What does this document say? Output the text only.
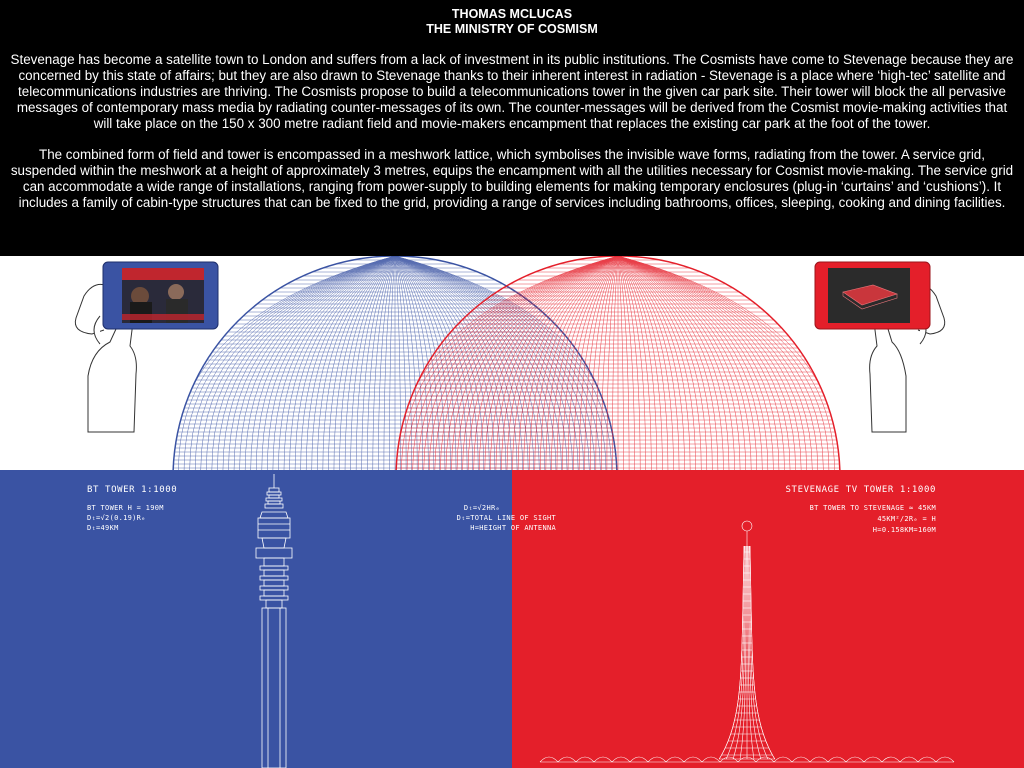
THOMAS MCLUCAS
THE MINISTRY OF COSMISM

Stevenage has become a satellite town to London and suffers from a lack of investment in its public institutions. The Cosmists have come to Stevenage because they are concerned by this state of affairs; but they are also drawn to Stevenage thanks to their inherent interest in radiation - Stevenage is a place where ‘high-tec’ satellite and telecommunications industries are thriving. The Cosmists propose to build a telecommunications tower in the given car park site. Their tower will block the all pervasive messages of contemporary mass media by radiating counter-messages of its own. The counter-messages will be derived from the Cosmist movie-making activities that will take place on the 150 x 300 metre radiant field and movie-makers encampment that replaces the existing car park at the foot of the tower.

The combined form of field and tower is encompassed in a meshwork lattice, which symbolises the invisible wave forms, radiating from the tower. A service grid, suspended within the meshwork at a height of approximately 3 metres, equips the encampment with all the utilities necessary for Cosmist movie-making. The service grid can accommodate a wide range of installations, ranging from power-supply to building elements for making temporary enclosures (plug-in ‘curtains’ and ‘cushions’). It includes a family of cabin-type structures that can be fixed to the grid, providing a range of services including bathrooms, offices, sleeping, cooking and dining facilities.

BT TOWER 1:1000
BT TOWER H = 190M
Dₜ=√2(0.19)Rₑ
Dₜ=49KM
Dₜ=√2HRₑ
Dₜ=TOTAL LINE OF SIGHT
H=HEIGHT OF ANTENNA
STEVENAGE TV TOWER 1:1000
BT TOWER TO STEVENAGE ≈ 45KM
45KM²/2Rₑ = H
H=0.158KM=160M
